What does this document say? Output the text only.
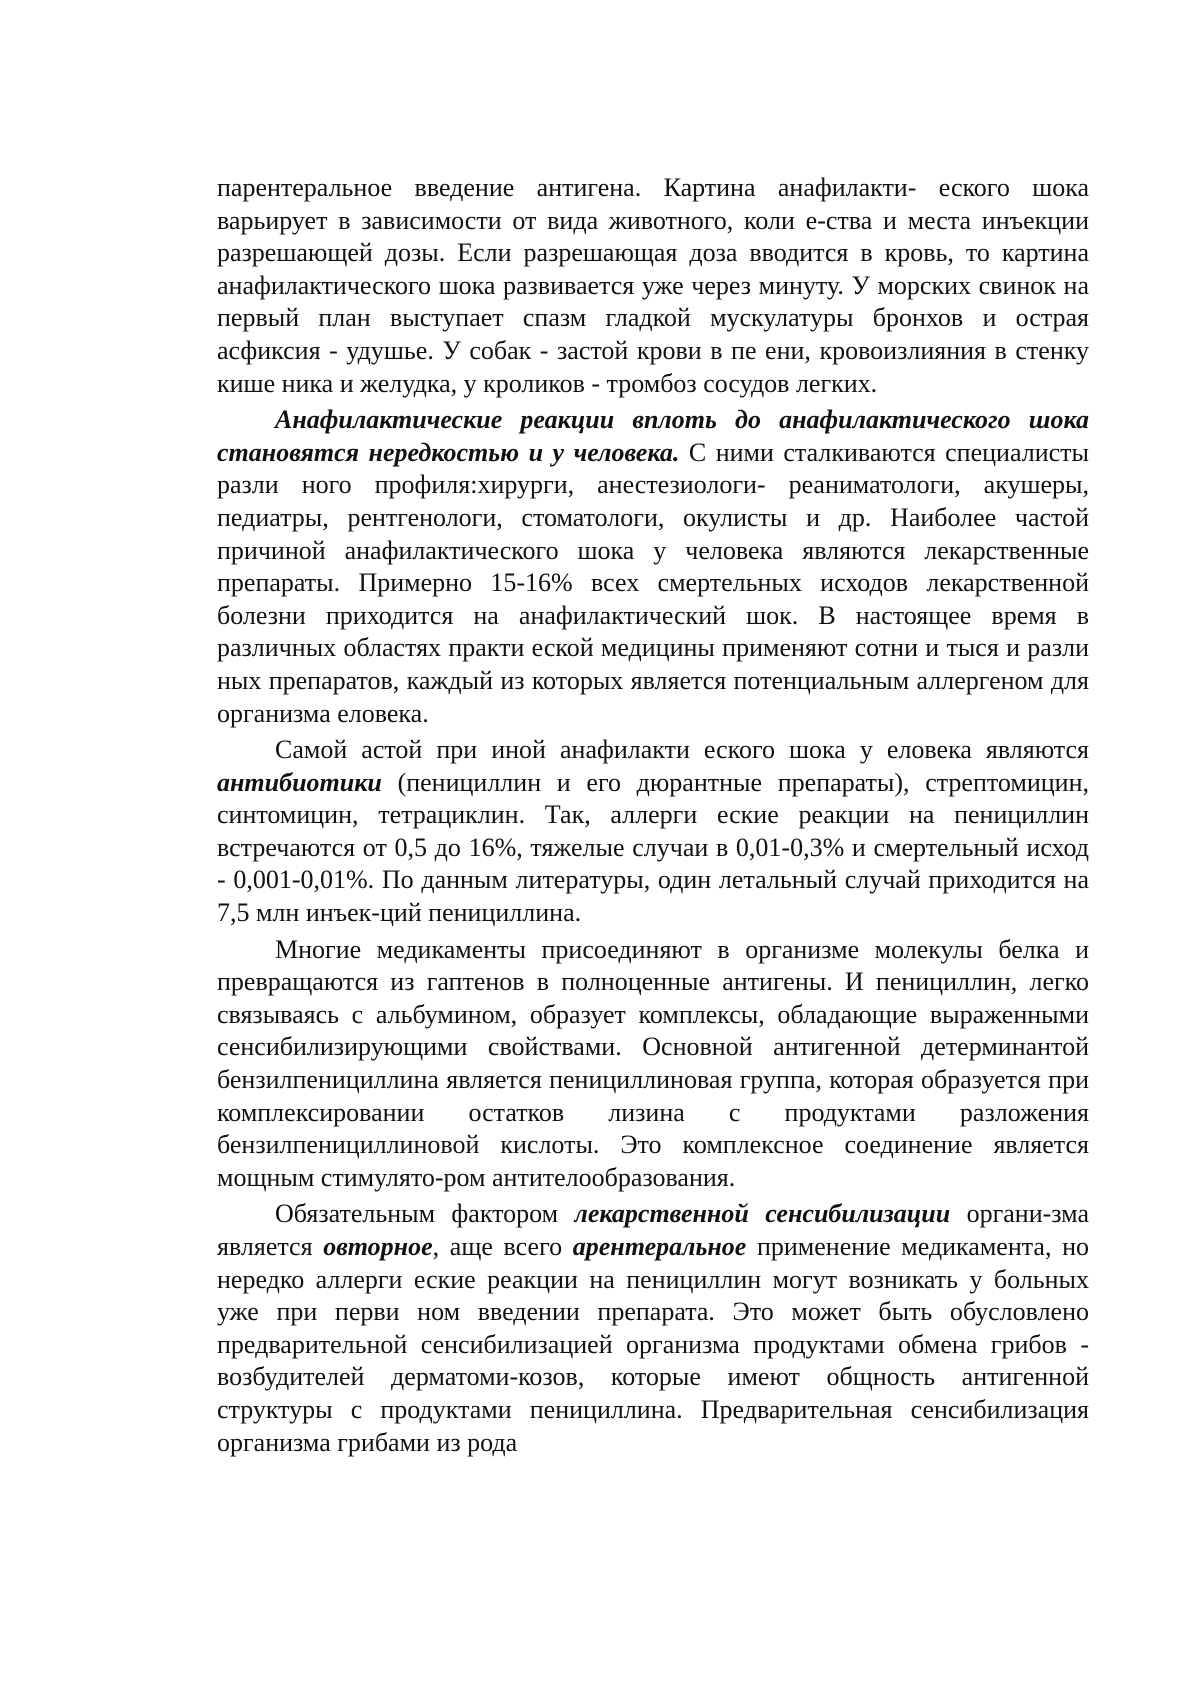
парентеральное введение антигена. Картина анафилакти- еского шока варьирует в зависимости от вида животного, коли е-ства и места инъекции разрешающей дозы. Если разрешающая доза вводится в кровь, то картина анафилактического шока развивается уже через минуту. У морских свинок на первый план выступает спазм гладкой мускулатуры бронхов и острая асфиксия - удушье. У собак - застой крови в пе ени, кровоизлияния в стенку кише ника и желудка, у кроликов - тромбоз сосудов легких.

Анафилактические реакции вплоть до анафилактического шока становятся нередкостью и у человека. С ними сталкиваются специалисты разли ного профиля:хирурги, анестезиологи- реаниматологи, акушеры, педиатры, рентгенологи, стоматологи, окулисты и др. Наиболее частой причиной анафилактического шока у человека являются лекарственные препараты. Примерно 15-16% всех смертельных исходов лекарственной болезни приходится на анафилактический шок. В настоящее время в различных областях практи еской медицины применяют сотни и тыся и разли ных препаратов, каждый из которых является потенциальным аллергеном для организма еловека.

Самой астой при иной анафилакти еского шока у еловека являются антибиотики (пенициллин и его дюрантные препараты), стрептомицин, синтомицин, тетрациклин. Так, аллерги еские реакции на пенициллин встречаются от 0,5 до 16%, тяжелые случаи в 0,01-0,3% и смертельный исход - 0,001-0,01%. По данным литературы, один летальный случай приходится на 7,5 млн инъек-ций пенициллина.

Многие медикаменты присоединяют в организме молекулы белка и превращаются из гаптенов в полноценные антигены. И пенициллин, легко связываясь с альбумином, образует комплексы, обладающие выраженными сенсибилизирующими свойствами. Основной антигенной детерминантой бензилпенициллина является пенициллиновая группа, которая образуется при комплексировании остатков лизина с продуктами разложения бензилпенициллиновой кислоты. Это комплексное соединение является мощным стимулято-ром антителообразования.

Обязательным фактором лекарственной сенсибилизации органи-зма является овторное, аще всего арентеральное применение медикамента, но нередко аллерги еские реакции на пенициллин могут возникать у больных уже при перви ном введении препарата. Это может быть обусловлено предварительной сенсибилизацией организма продуктами обмена грибов - возбудителей дерматоми-козов, которые имеют общность антигенной структуры с продуктами пенициллина. Предварительная сенсибилизация организма грибами из рода
